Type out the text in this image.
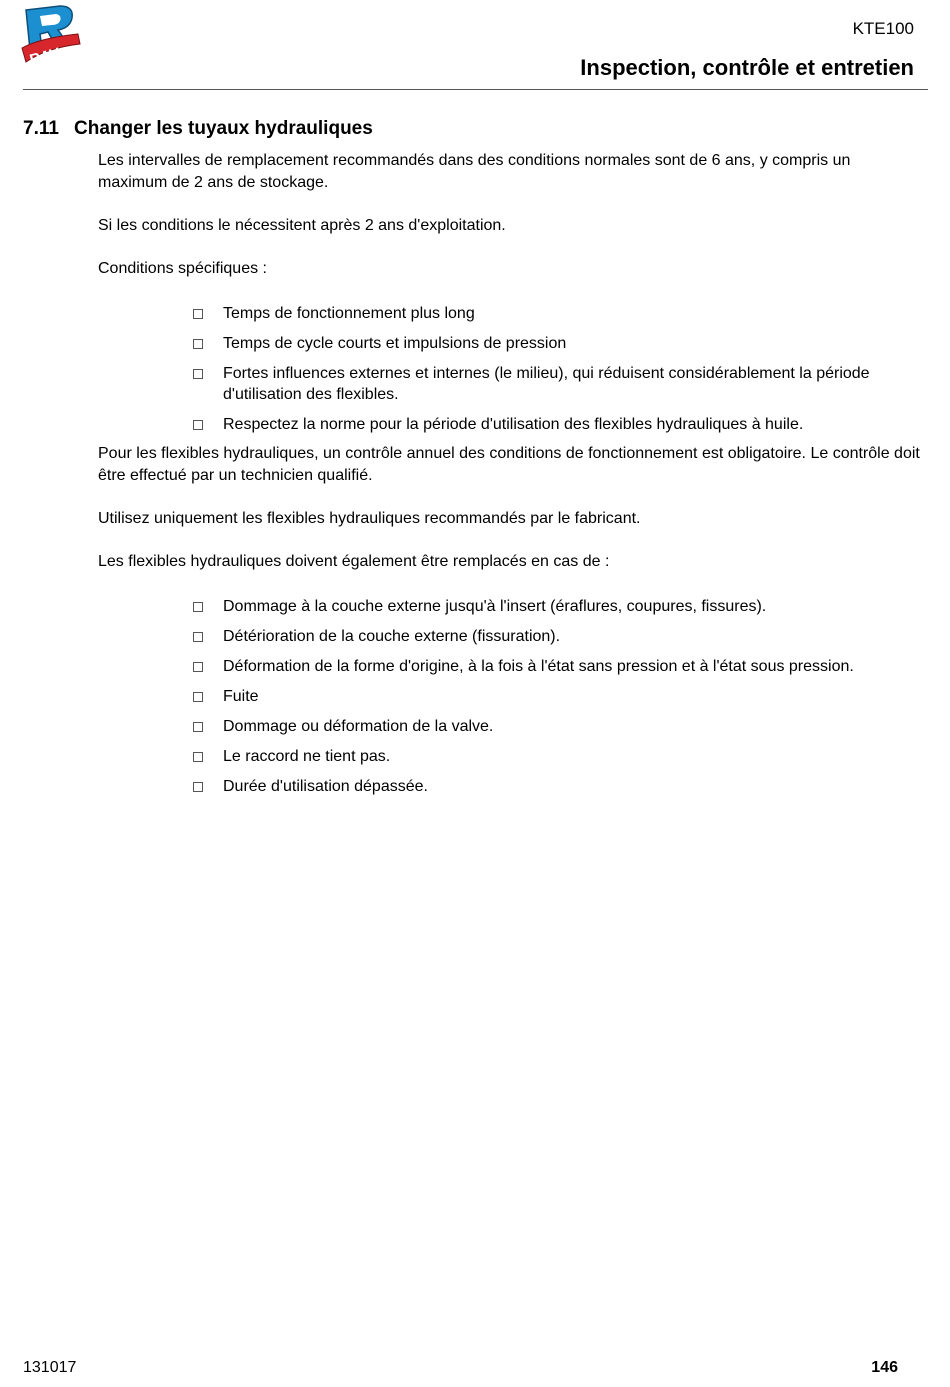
RAV
KTE100
Inspection, contrôle et entretien
7.11 Changer les tuyaux hydrauliques

Les intervalles de remplacement recommandés dans des conditions normales sont de 6 ans, y compris un maximum de 2 ans de stockage.

Si les conditions le nécessitent après 2 ans d'exploitation.

Conditions spécifiques :

Temps de fonctionnement plus long
Temps de cycle courts et impulsions de pression
Fortes influences externes et internes (le milieu), qui réduisent considérablement la période d'utilisation des flexibles.
Respectez la norme pour la période d'utilisation des flexibles hydrauliques à huile.

Pour les flexibles hydrauliques, un contrôle annuel des conditions de fonctionnement est obligatoire. Le contrôle doit être effectué par un technicien qualifié.

Utilisez uniquement les flexibles hydrauliques recommandés par le fabricant.

Les flexibles hydrauliques doivent également être remplacés en cas de :

Dommage à la couche externe jusqu'à l'insert (éraflures, coupures, fissures).
Détérioration de la couche externe (fissuration).
Déformation de la forme d'origine, à la fois à l'état sans pression et à l'état sous pression.
Fuite
Dommage ou déformation de la valve.
Le raccord ne tient pas.
Durée d'utilisation dépassée.
131017	146
